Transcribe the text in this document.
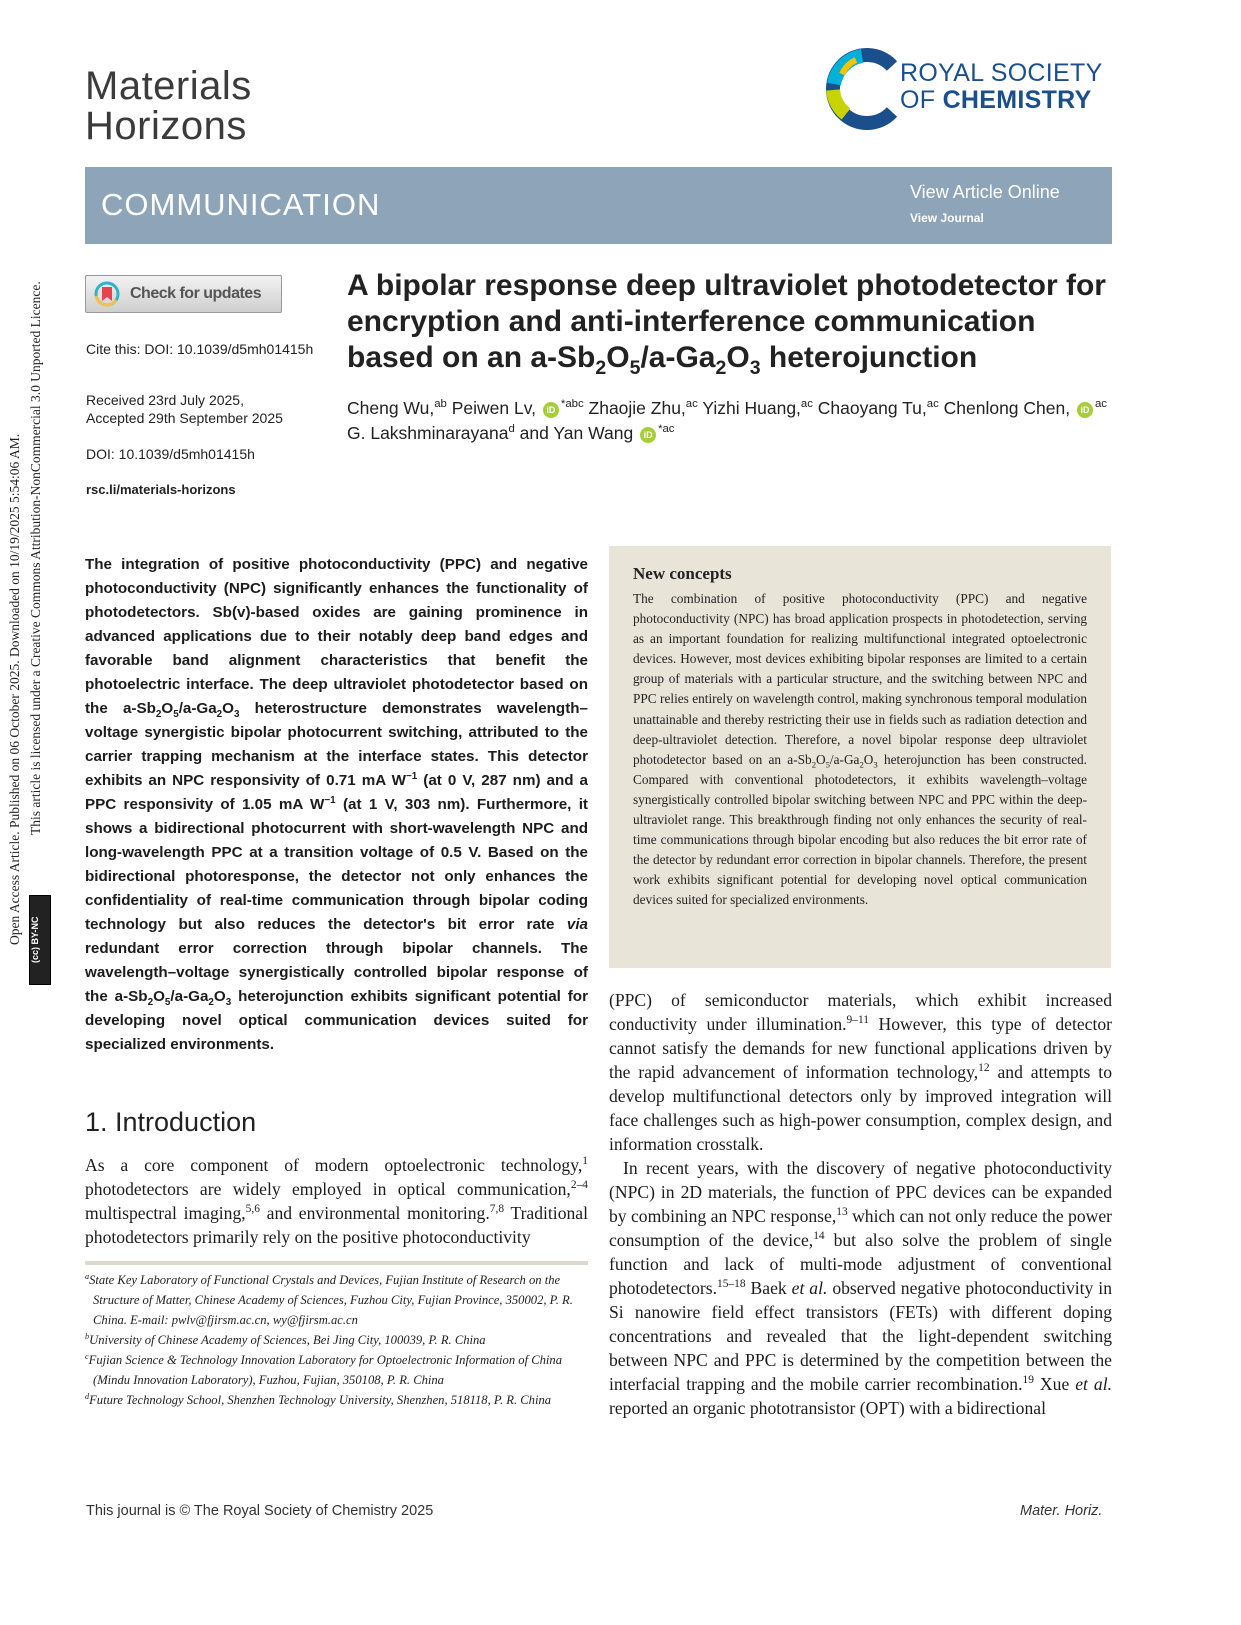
Open Access Article. Published on 06 October 2025. Downloaded on 10/19/2025 5:54:06 AM. This article is licensed under a Creative Commons Attribution-NonCommercial 3.0 Unported Licence.
(cc) BY-NC
Materials
Horizons
ROYAL SOCIETY
OF CHEMISTRY
COMMUNICATION	View Article Online
View Journal
Check for updates
Cite this: DOI: 10.1039/d5mh01415h
Received 23rd July 2025,
Accepted 29th September 2025
DOI: 10.1039/d5mh01415h
rsc.li/materials-horizons
A bipolar response deep ultraviolet photodetector for encryption and anti-interference communication based on an $a-Sb_2O_5/a-Ga_2O_3$ heterojunction
Cheng Wu,$^{ab}$ Peiwen Lv, iD $^{*abc}$ Zhaojie Zhu,$^{ac}$ Yizhi Huang,$^{ac}$ Chaoyang Tu,$^{ac}$ Chenlong Chen, iD $^{ac}$ G. Lakshminarayana$^d$ and Yan Wang iD $^{*ac}$
The integration of positive photoconductivity (PPC) and negative photoconductivity (NPC) significantly enhances the functionality of photodetectors. Sb(v)-based oxides are gaining prominence in advanced applications due to their notably deep band edges and favorable band alignment characteristics that benefit the photoelectric interface. The deep ultraviolet photodetector based on the $a-Sb_2O_5/a-Ga_2O_3$ heterostructure demonstrates wavelength–voltage synergistic bipolar photocurrent switching, attributed to the carrier trapping mechanism at the interface states. This detector exhibits an NPC responsivity of 0.71 mA $W^{-1}$ (at 0 V, 287 nm) and a PPC responsivity of 1.05 mA $W^{-1}$ (at 1 V, 303 nm). Furthermore, it shows a bidirectional photocurrent with short-wavelength NPC and long-wavelength PPC at a transition voltage of 0.5 V. Based on the bidirectional photoresponse, the detector not only enhances the confidentiality of real-time communication through bipolar coding technology but also reduces the detector's bit error rate via redundant error correction through bipolar channels. The wavelength–voltage synergistically controlled bipolar response of the $a-Sb_2O_5/a-Ga_2O_3$ heterojunction exhibits significant potential for developing novel optical communication devices suited for specialized environments.
1. Introduction

As a core component of modern optoelectronic technology,$^1$ photodetectors are widely employed in optical communication,$^{2-4}$ multispectral imaging,$^{5,6}$ and environmental monitoring.$^{7,8}$ Traditional photodetectors primarily rely on the positive photoconductivity

$^a$State Key Laboratory of Functional Crystals and Devices, Fujian Institute of Research on the Structure of Matter, Chinese Academy of Sciences, Fuzhou City, Fujian Province, 350002, P. R. China. E-mail: pwlv@fjirsm.ac.cn, wy@fjirsm.ac.cn
$^b$University of Chinese Academy of Sciences, Bei Jing City, 100039, P. R. China
$^c$Fujian Science & Technology Innovation Laboratory for Optoelectronic Information of China (Mindu Innovation Laboratory), Fuzhou, Fujian, 350108, P. R. China
$^d$Future Technology School, Shenzhen Technology University, Shenzhen, 518118, P. R. China
New concepts

The combination of positive photoconductivity (PPC) and negative photoconductivity (NPC) has broad application prospects in photodetection, serving as an important foundation for realizing multifunctional integrated optoelectronic devices. However, most devices exhibiting bipolar responses are limited to a certain group of materials with a particular structure, and the switching between NPC and PPC relies entirely on wavelength control, making synchronous temporal modulation unattainable and thereby restricting their use in fields such as radiation detection and deep-ultraviolet detection. Therefore, a novel bipolar response deep ultraviolet photodetector based on an $a-Sb_2O_5/a-Ga_2O_3$ heterojunction has been constructed. Compared with conventional photodetectors, it exhibits wavelength–voltage synergistically controlled bipolar switching between NPC and PPC within the deep-ultraviolet range. This breakthrough finding not only enhances the security of real-time communications through bipolar encoding but also reduces the bit error rate of the detector by redundant error correction in bipolar channels. Therefore, the present work exhibits significant potential for developing novel optical communication devices suited for specialized environments.

(PPC) of semiconductor materials, which exhibit increased conductivity under illumination.$^{9-11}$ However, this type of detector cannot satisfy the demands for new functional applications driven by the rapid advancement of information technology,$^{12}$ and attempts to develop multifunctional detectors only by improved integration will face challenges such as high-power consumption, complex design, and information crosstalk.

In recent years, with the discovery of negative photoconductivity (NPC) in 2D materials, the function of PPC devices can be expanded by combining an NPC response,$^{13}$ which can not only reduce the power consumption of the device,$^{14}$ but also solve the problem of single function and lack of multi-mode adjustment of conventional photodetectors.$^{15-18}$ Baek et al. observed negative photoconductivity in Si nanowire field effect transistors (FETs) with different doping concentrations and revealed that the light-dependent switching between NPC and PPC is determined by the competition between the interfacial trapping and the mobile carrier recombination.$^{19}$ Xue et al. reported an organic phototransistor (OPT) with a bidirectional

This journal is © The Royal Society of Chemistry 2025	Mater. Horiz.
